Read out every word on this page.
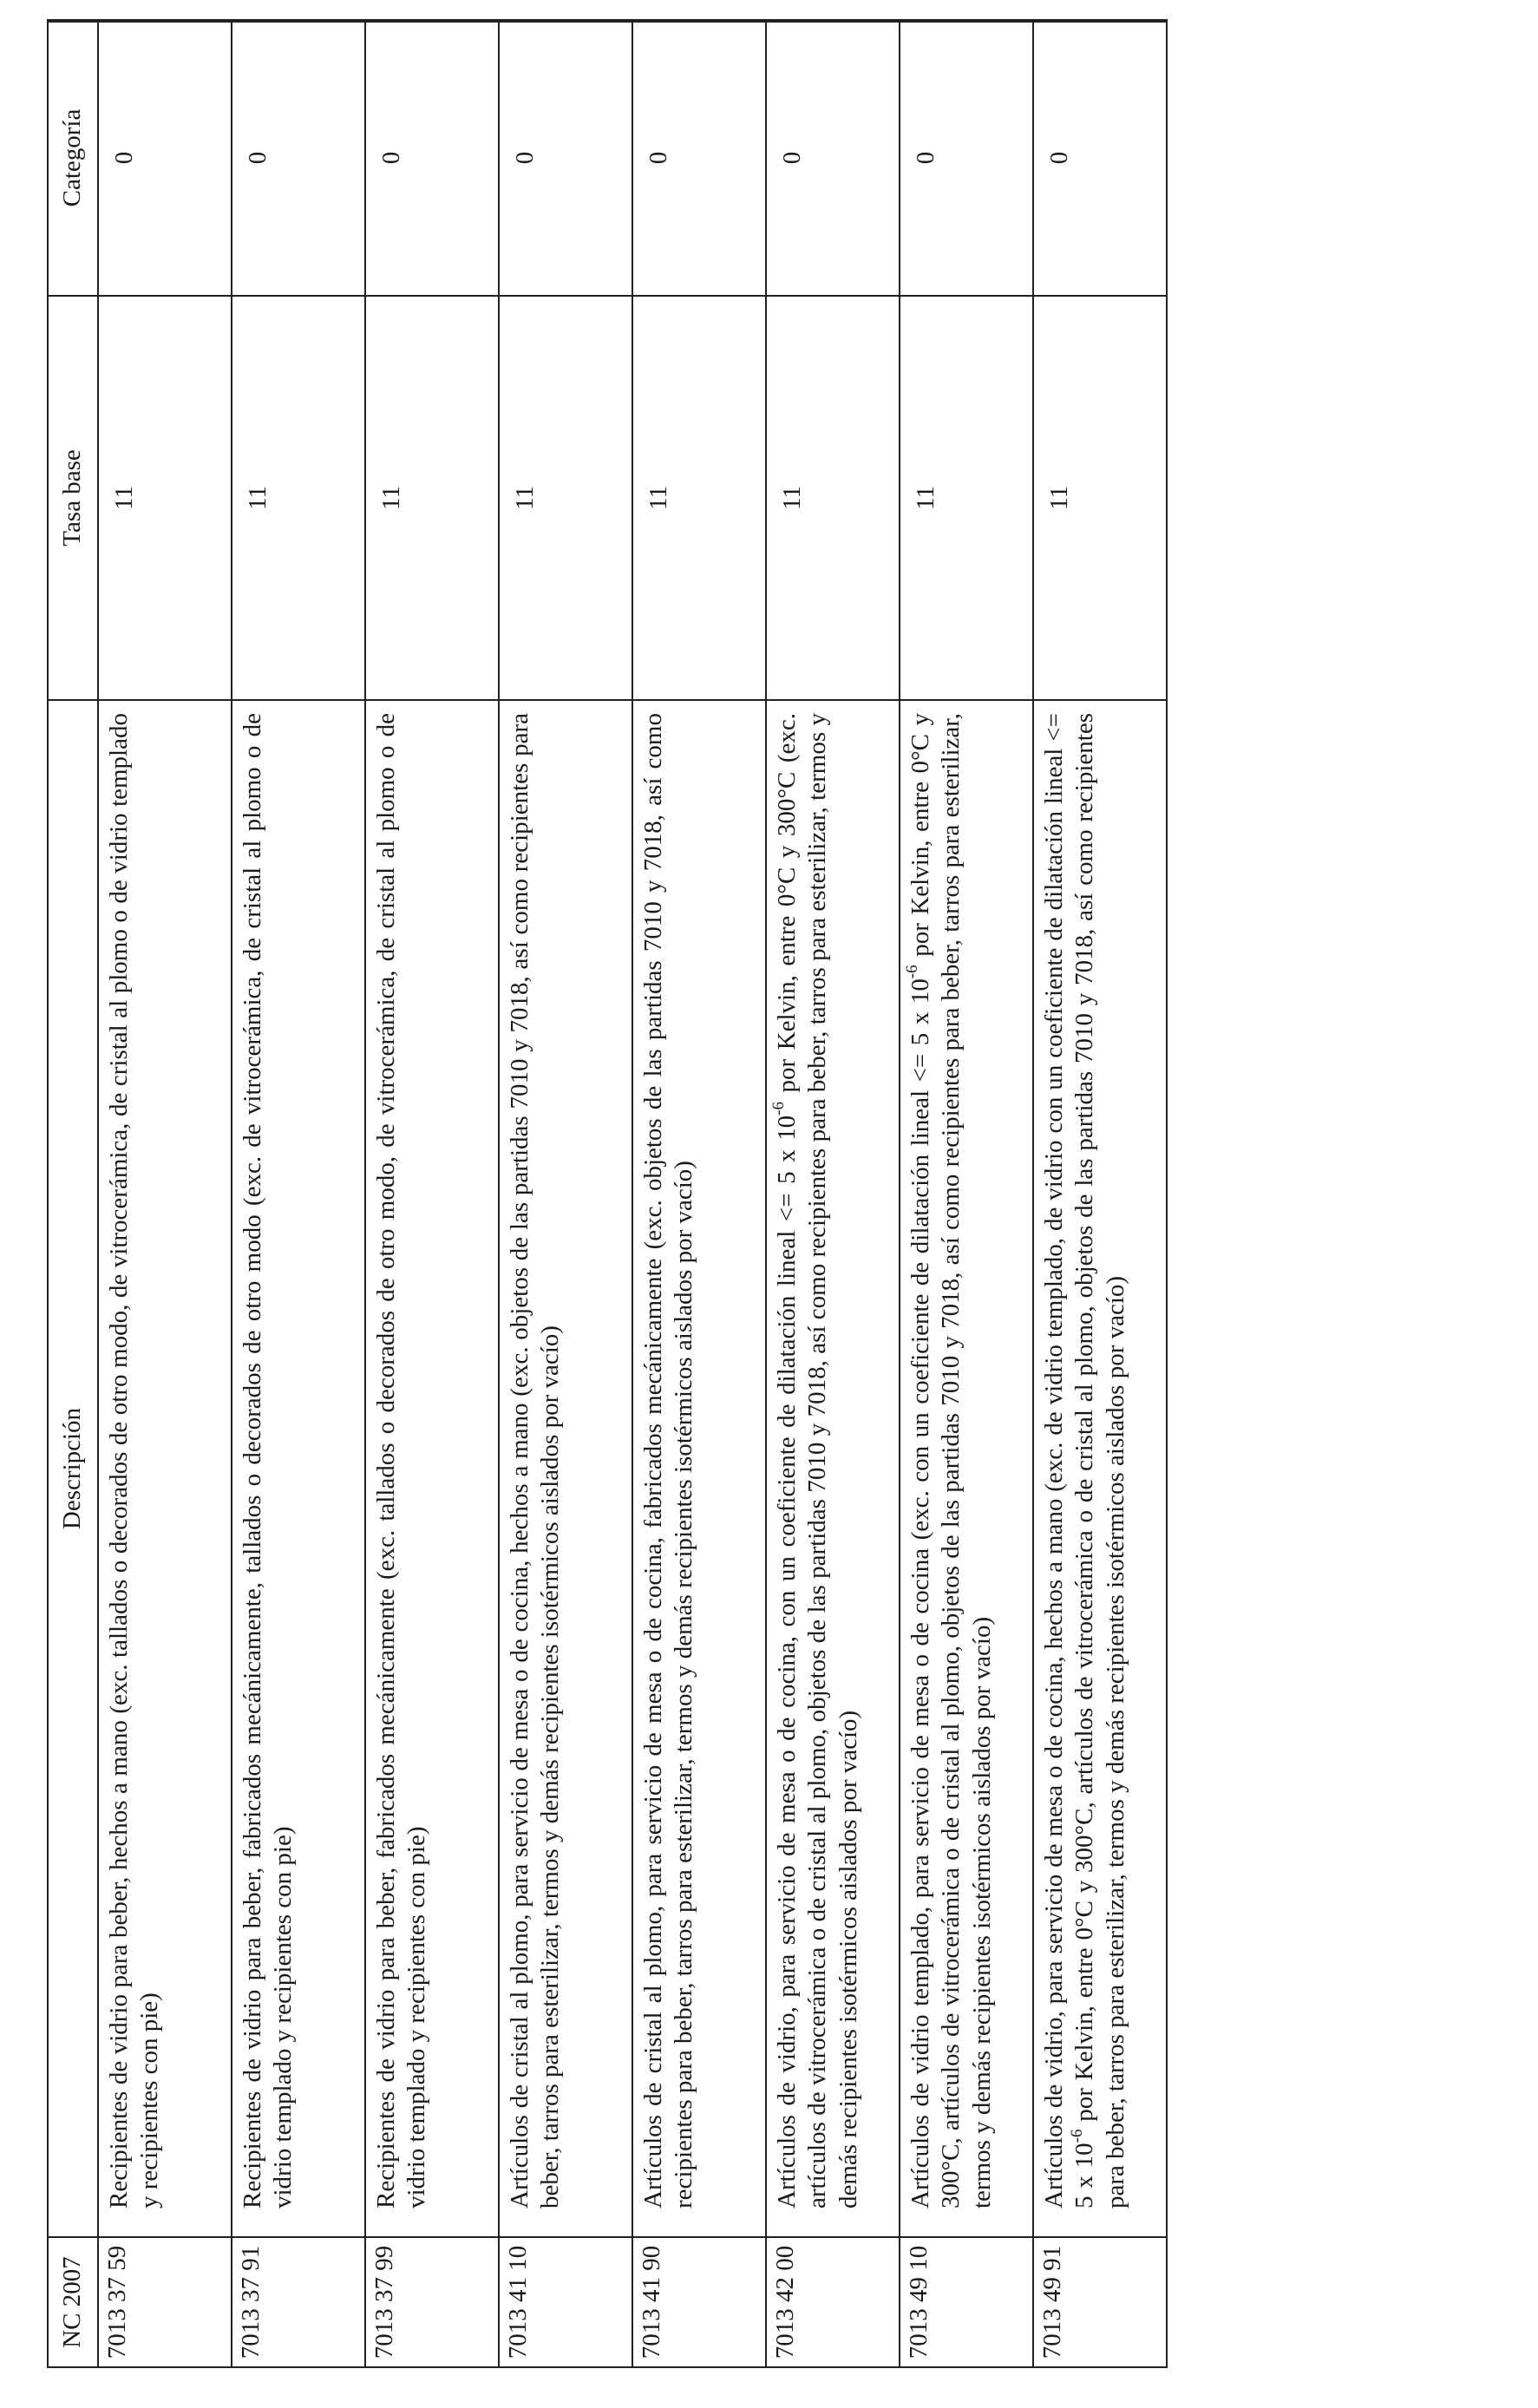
NC 2007	Descripción	Tasa base	Categoría
7013 37 59	Recipientes de vidrio para beber, hechos a mano (exc. tallados o decorados de otro modo, de vitrocerámica, de cristal al plomo o de vidrio templado y recipientes con pie)	11	0
7013 37 91	Recipientes de vidrio para beber, fabricados mecánicamente, tallados o decorados de otro modo (exc. de vitrocerámica, de cristal al plomo o de vidrio templado y recipientes con pie)	11	0
7013 37 99	Recipientes de vidrio para beber, fabricados mecánicamente (exc. tallados o decorados de otro modo, de vitrocerámica, de cristal al plomo o de vidrio templado y recipientes con pie)	11	0
7013 41 10	Artículos de cristal al plomo, para servicio de mesa o de cocina, hechos a mano (exc. objetos de las partidas 7010 y 7018, así como recipientes para beber, tarros para esterilizar, termos y demás recipientes isotérmicos aislados por vacío)	11	0
7013 41 90	Artículos de cristal al plomo, para servicio de mesa o de cocina, fabricados mecánicamente (exc. objetos de las partidas 7010 y 7018, así como recipientes para beber, tarros para esterilizar, termos y demás recipientes isotérmicos aislados por vacío)	11	0
7013 42 00	Artículos de vidrio, para servicio de mesa o de cocina, con un coeficiente de dilatación lineal <= 5 x $10^{-6}$ por Kelvin, entre 0°C y 300°C (exc. artículos de vitrocerámica o de cristal al plomo, objetos de las partidas 7010 y 7018, así como recipientes para beber, tarros para esterilizar, termos y demás recipientes isotérmicos aislados por vacío)	11	0
7013 49 10	Artículos de vidrio templado, para servicio de mesa o de cocina (exc. con un coeficiente de dilatación lineal <= 5 x $10^{-6}$ por Kelvin, entre 0°C y 300°C, artículos de vitrocerámica o de cristal al plomo, objetos de las partidas 7010 y 7018, así como recipientes para beber, tarros para esterilizar, termos y demás recipientes isotérmicos aislados por vacío)	11	0
7013 49 91	Artículos de vidrio, para servicio de mesa o de cocina, hechos a mano (exc. de vidrio templado, de vidrio con un coeficiente de dilatación lineal <= 5 x $10^{-6}$ por Kelvin, entre 0°C y 300°C, artículos de vitrocerámica o de cristal al plomo, objetos de las partidas 7010 y 7018, así como recipientes para beber, tarros para esterilizar, termos y demás recipientes isotérmicos aislados por vacío)	11	0
